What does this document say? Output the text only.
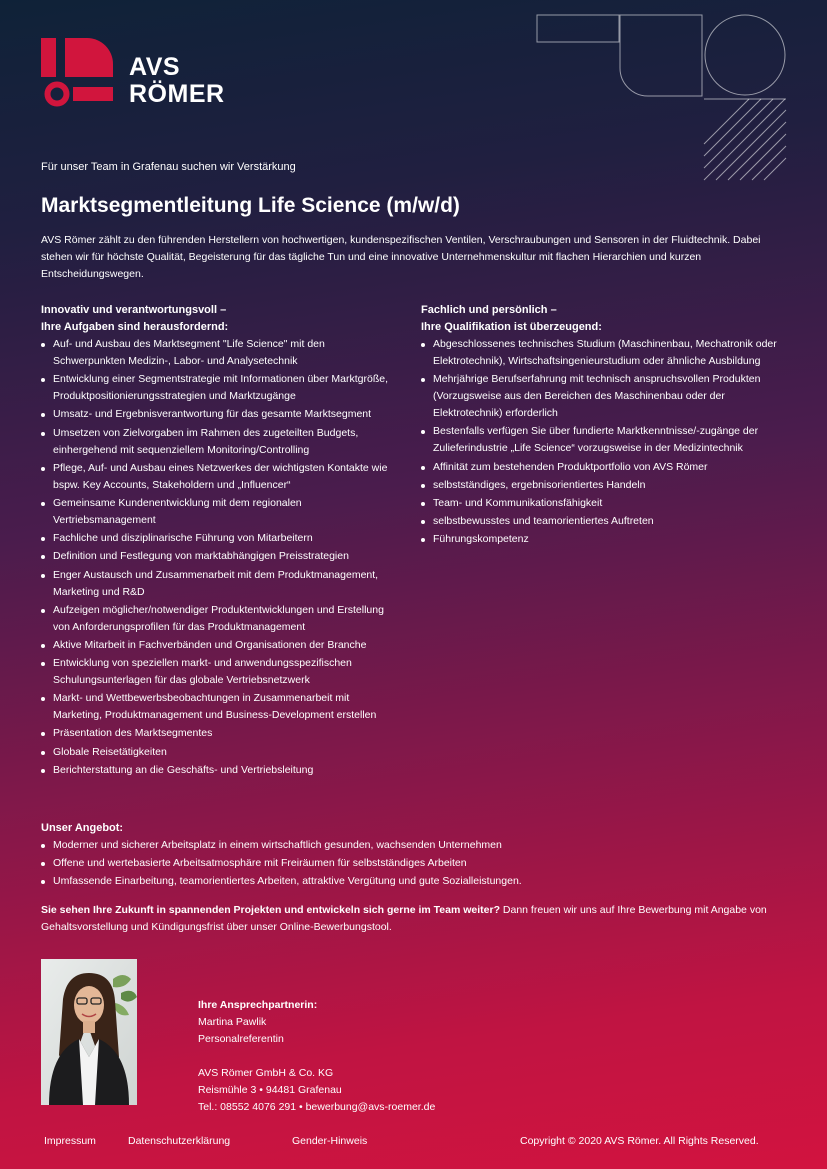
AVS
RÖMER
Für unser Team in Grafenau suchen wir Verstärkung
Marktsegmentleitung Life Science (m/w/d)
AVS Römer zählt zu den führenden Herstellern von hochwertigen, kundenspezifischen Ventilen, Verschraubungen und Sensoren in der Fluidtechnik. Dabei stehen wir für höchste Qualität, Begeisterung für das tägliche Tun und eine innovative Unternehmenskultur mit flachen Hierarchien und kurzen Entscheidungswegen.
Innovativ und verantwortungsvoll –
Ihre Aufgaben sind herausfordernd:
Auf- und Ausbau des Marktsegment "Life Science" mit den Schwerpunkten Medizin-, Labor- und Analysetechnik
Entwicklung einer Segmentstrategie mit Informationen über Marktgröße, Produktpositionierungsstrategien und Marktzugänge
Umsatz- und Ergebnisverantwortung für das gesamte Marktsegment
Umsetzen von Zielvorgaben im Rahmen des zugeteilten Budgets, einhergehend mit sequenziellem Monitoring/Controlling
Pflege, Auf- und Ausbau eines Netzwerkes der wichtigsten Kontakte wie bspw. Key Accounts, Stakeholdern und „Influencer“
Gemeinsame Kundenentwicklung mit dem regionalen Vertriebsmanagement
Fachliche und disziplinarische Führung von Mitarbeitern
Definition und Festlegung von marktabhängigen Preisstrategien
Enger Austausch und Zusammenarbeit mit dem Produktmanagement, Marketing und R&D
Aufzeigen möglicher/notwendiger Produktentwicklungen und Erstellung von Anforderungsprofilen für das Produktmanagement
Aktive Mitarbeit in Fachverbänden und Organisationen der Branche
Entwicklung von speziellen markt- und anwendungsspezifischen Schulungsunterlagen für das globale Vertriebsnetzwerk
Markt- und Wettbewerbsbeobachtungen in Zusammenarbeit mit Marketing, Produktmanagement und Business-Development erstellen
Präsentation des Marktsegmentes
Globale Reisetätigkeiten
Berichterstattung an die Geschäfts- und Vertriebsleitung
Fachlich und persönlich –
Ihre Qualifikation ist überzeugend:
Abgeschlossenes technisches Studium (Maschinenbau, Mechatronik oder Elektrotechnik), Wirtschaftsingenieurstudium oder ähnliche Ausbildung
Mehrjährige Berufserfahrung mit technisch anspruchsvollen Produkten (Vorzugsweise aus den Bereichen des Maschinenbau oder der Elektrotechnik) erforderlich
Bestenfalls verfügen Sie über fundierte Marktkenntnisse/-zugänge der Zulieferindustrie „Life Science“ vorzugsweise in der Medizintechnik
Affinität zum bestehenden Produktportfolio von AVS Römer
selbstständiges, ergebnisorientiertes Handeln
Team- und Kommunikationsfähigkeit
selbstbewusstes und teamorientiertes Auftreten
Führungskompetenz
Unser Angebot:
Moderner und sicherer Arbeitsplatz in einem wirtschaftlich gesunden, wachsenden Unternehmen
Offene und wertebasierte Arbeitsatmosphäre mit Freiräumen für selbstständiges Arbeiten
Umfassende Einarbeitung, teamorientiertes Arbeiten, attraktive Vergütung und gute Sozialleistungen.
Sie sehen Ihre Zukunft in spannenden Projekten und entwickeln sich gerne im Team weiter? Dann freuen wir uns auf Ihre Bewerbung mit Angabe von Gehaltsvorstellung und Kündigungsfrist über unser Online-Bewerbungstool.
Ihre Ansprechpartnerin:
Martina Pawlik
Personalreferentin
AVS Römer GmbH & Co. KG
Reismühle 3 • 94481 Grafenau
Tel.: 08552 4076 291 • bewerbung@avs-roemer.de
Impressum	Datenschutzerklärung	Gender-Hinweis	Copyright © 2020 AVS Römer. All Rights Reserved.
